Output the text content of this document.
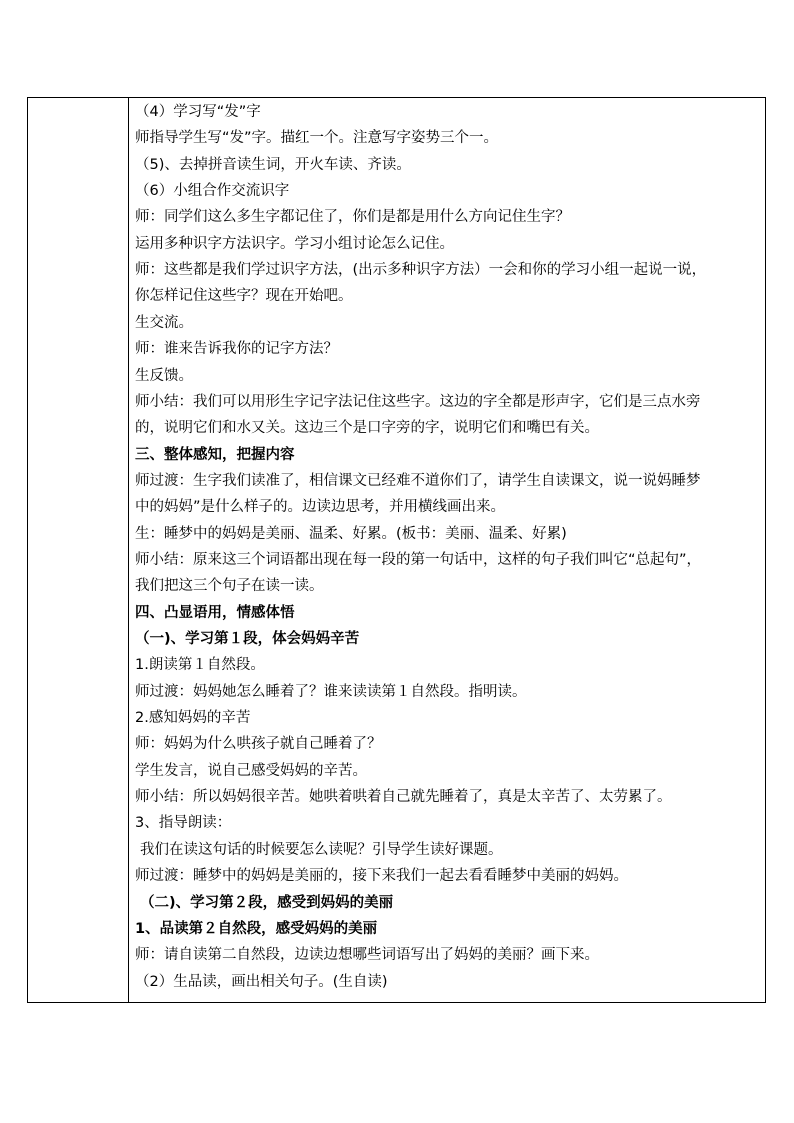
（4）学习写“发”字
师指导学生写“发”字。描红一个。注意写字姿势三个一。
（5)、去掉拼音读生词，开火车读、齐读。
（6）小组合作交流识字
师：同学们这么多生字都记住了，你们是都是用什么方向记住生字？
运用多种识字方法识字。学习小组讨论怎么记住。
师：这些都是我们学过识字方法，(出示多种识字方法）一会和你的学习小组一起说一说，
你怎样记住这些字？现在开始吧。
生交流。
师：谁来告诉我你的记字方法？
生反馈。
师小结：我们可以用形生字记字法记住这些字。这边的字全都是形声字，它们是三点水旁
的，说明它们和水又关。这边三个是口字旁的字，说明它们和嘴巴有关。
三、整体感知，把握内容
师过渡：生字我们读准了，相信课文已经难不道你们了，请学生自读课文，说一说妈睡梦
中的妈妈”是什么样子的。边读边思考，并用横线画出来。
生：睡梦中的妈妈是美丽、温柔、好累。(板书：美丽、温柔、好累)
师小结：原来这三个词语都出现在每一段的第一句话中，这样的句子我们叫它“总起句”，
我们把这三个句子在读一读。
四、凸显语用，情感体悟
（一)、学习第１段，体会妈妈辛苦
1.朗读第１自然段。
师过渡：妈妈她怎么睡着了？谁来读读第１自然段。指明读。
2.感知妈妈的辛苦
师：妈妈为什么哄孩子就自己睡着了？
学生发言，说自己感受妈妈的辛苦。
师小结：所以妈妈很辛苦。她哄着哄着自己就先睡着了，真是太辛苦了、太劳累了。
3、指导朗读：
我们在读这句话的时候要怎么读呢？引导学生读好课题。
师过渡：睡梦中的妈妈是美丽的，接下来我们一起去看看睡梦中美丽的妈妈。
（二)、学习第２段，感受到妈妈的美丽
1、品读第２自然段，感受妈妈的美丽
师：请自读第二自然段，边读边想哪些词语写出了妈妈的美丽？画下来。
（2）生品读，画出相关句子。(生自读)
